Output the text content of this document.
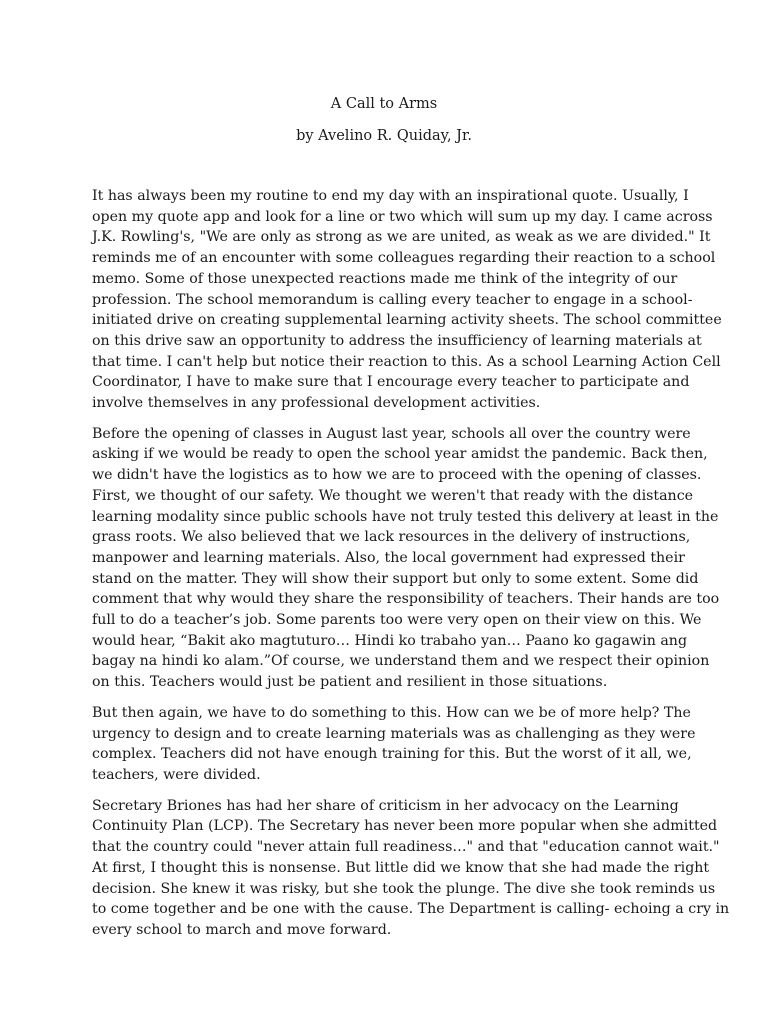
A Call to Arms

by Avelino R. Quiday, Jr.

It has always been my routine to end my day with an inspirational quote. Usually, I
open my quote app and look for a line or two which will sum up my day. I came across
J.K. Rowling's, "We are only as strong as we are united, as weak as we are divided." It
reminds me of an encounter with some colleagues regarding their reaction to a school
memo. Some of those unexpected reactions made me think of the integrity of our
profession. The school memorandum is calling every teacher to engage in a school-
initiated drive on creating supplemental learning activity sheets. The school committee
on this drive saw an opportunity to address the insufficiency of learning materials at
that time. I can't help but notice their reaction to this. As a school Learning Action Cell
Coordinator, I have to make sure that I encourage every teacher to participate and
involve themselves in any professional development activities.

Before the opening of classes in August last year, schools all over the country were
asking if we would be ready to open the school year amidst the pandemic. Back then,
we didn't have the logistics as to how we are to proceed with the opening of classes.
First, we thought of our safety. We thought we weren't that ready with the distance
learning modality since public schools have not truly tested this delivery at least in the
grass roots. We also believed that we lack resources in the delivery of instructions,
manpower and learning materials. Also, the local government had expressed their
stand on the matter. They will show their support but only to some extent. Some did
comment that why would they share the responsibility of teachers. Their hands are too
full to do a teacher’s job. Some parents too were very open on their view on this. We
would hear, “Bakit ako magtuturo… Hindi ko trabaho yan… Paano ko gagawin ang
bagay na hindi ko alam.”Of course, we understand them and we respect their opinion
on this. Teachers would just be patient and resilient in those situations.

But then again, we have to do something to this. How can we be of more help? The
urgency to design and to create learning materials was as challenging as they were
complex. Teachers did not have enough training for this. But the worst of it all, we,
teachers, were divided.

Secretary Briones has had her share of criticism in her advocacy on the Learning
Continuity Plan (LCP). The Secretary has never been more popular when she admitted
that the country could "never attain full readiness…" and that "education cannot wait."
At first, I thought this is nonsense. But little did we know that she had made the right
decision. She knew it was risky, but she took the plunge. The dive she took reminds us
to come together and be one with the cause. The Department is calling- echoing a cry in
every school to march and move forward.
